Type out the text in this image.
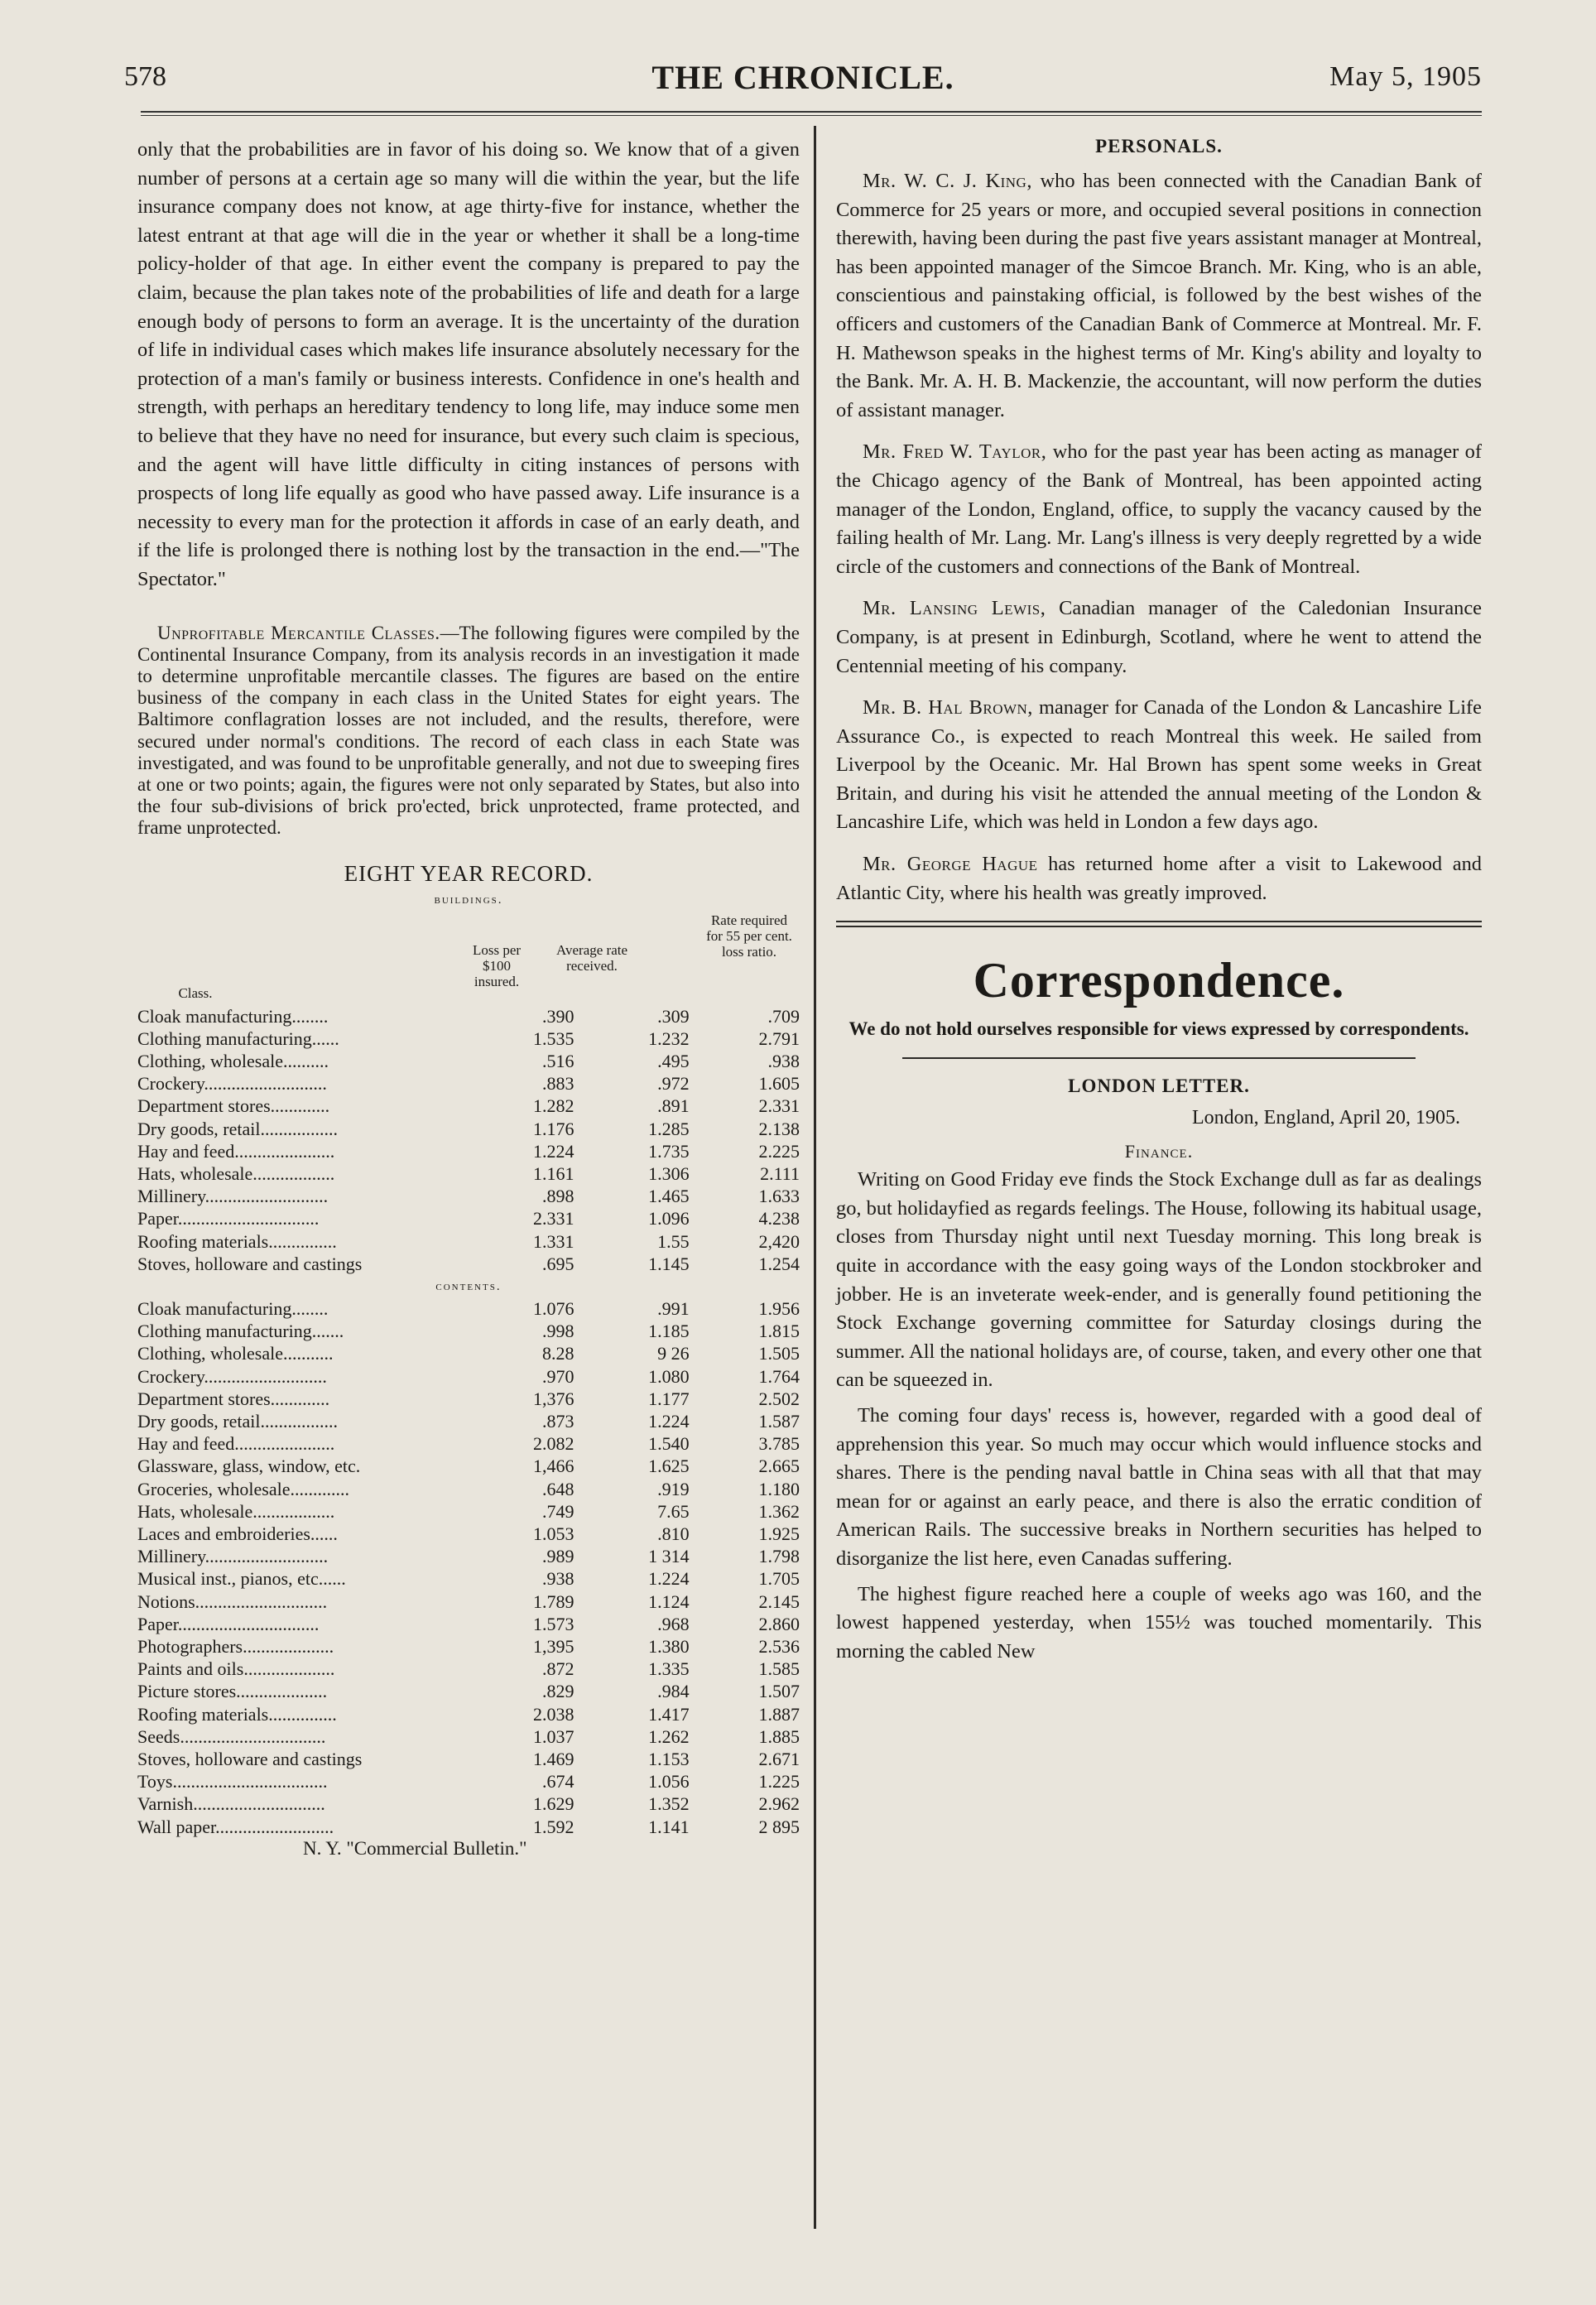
578	THE CHRONICLE.	May 5, 1905

only that the probabilities are in favor of his doing so. We know that of a given number of persons at a certain age so many will die within the year, but the life insurance company does not know, at age thirty-five for instance, whether the latest entrant at that age will die in the year or whether it shall be a long-time policy-holder of that age. In either event the company is prepared to pay the claim, because the plan takes note of the probabilities of life and death for a large enough body of persons to form an average. It is the uncertainty of the duration of life in individual cases which makes life insurance absolutely necessary for the protection of a man's family or business interests. Confidence in one's health and strength, with perhaps an hereditary tendency to long life, may induce some men to believe that they have no need for insurance, but every such claim is specious, and the agent will have little difficulty in citing instances of persons with prospects of long life equally as good who have passed away. Life insurance is a necessity to every man for the protection it affords in case of an early death, and if the life is prolonged there is nothing lost by the transaction in the end.—"The Spectator."

Unprofitable Mercantile Classes.—The following figures were compiled by the Continental Insurance Company, from its analysis records in an investigation it made to determine unprofitable mercantile classes. The figures are based on the entire business of the company in each class in the United States for eight years. The Baltimore conflagration losses are not included, and the results, therefore, were secured under normal's conditions. The record of each class in each State was investigated, and was found to be unprofitable generally, and not due to sweeping fires at one or two points; again, the figures were not only separated by States, but also into the four sub-divisions of brick pro'ected, brick unprotected, frame protected, and frame unprotected.

EIGHT YEAR RECORD.
buildings.
Class.
Loss per $100 insured.
Average rate received.
Rate required for 55 per cent. loss ratio.
Cloak manufacturing........	.390	.309	.709
Clothing manufacturing......	1.535	1.232	2.791
Clothing, wholesale..........	.516	.495	.938
Crockery...........................	.883	.972	1.605
Department stores.............	1.282	.891	2.331
Dry goods, retail.................	1.176	1.285	2.138
Hay and feed......................	1.224	1.735	2.225
Hats, wholesale..................	1.161	1.306	2.111
Millinery...........................	.898	1.465	1.633
Paper...............................	2.331	1.096	4.238
Roofing materials...............	1.331	1.55	2,420
Stoves, holloware and castings	.695	1.145	1.254
contents.
Cloak manufacturing........	1.076	.991	1.956
Clothing manufacturing.......	.998	1.185	1.815
Clothing, wholesale...........	8.28	9 26	1.505
Crockery...........................	.970	1.080	1.764
Department stores.............	1,376	1.177	2.502
Dry goods, retail.................	.873	1.224	1.587
Hay and feed......................	2.082	1.540	3.785
Glassware, glass, window, etc.	1,466	1.625	2.665
Groceries, wholesale.............	.648	.919	1.180
Hats, wholesale..................	.749	7.65	1.362
Laces and embroideries......	1.053	.810	1.925
Millinery...........................	.989	1 314	1.798
Musical inst., pianos, etc......	.938	1.224	1.705
Notions.............................	1.789	1.124	2.145
Paper...............................	1.573	.968	2.860
Photographers....................	1,395	1.380	2.536
Paints and oils....................	.872	1.335	1.585
Picture stores....................	.829	.984	1.507
Roofing materials...............	2.038	1.417	1.887
Seeds................................	1.037	1.262	1.885
Stoves, holloware and castings	1.469	1.153	2.671
Toys..................................	.674	1.056	1.225
Varnish.............................	1.629	1.352	2.962
Wall paper..........................	1.592	1.141	2 895
N. Y. "Commercial Bulletin."
PERSONALS.

Mr. W. C. J. King, who has been connected with the Canadian Bank of Commerce for 25 years or more, and occupied several positions in connection therewith, having been during the past five years assistant manager at Montreal, has been appointed manager of the Simcoe Branch. Mr. King, who is an able, conscientious and painstaking official, is followed by the best wishes of the officers and customers of the Canadian Bank of Commerce at Montreal. Mr. F. H. Mathewson speaks in the highest terms of Mr. King's ability and loyalty to the Bank. Mr. A. H. B. Mackenzie, the accountant, will now perform the duties of assistant manager.

Mr. Fred W. Taylor, who for the past year has been acting as manager of the Chicago agency of the Bank of Montreal, has been appointed acting manager of the London, England, office, to supply the vacancy caused by the failing health of Mr. Lang. Mr. Lang's illness is very deeply regretted by a wide circle of the customers and connections of the Bank of Montreal.

Mr. Lansing Lewis, Canadian manager of the Caledonian Insurance Company, is at present in Edinburgh, Scotland, where he went to attend the Centennial meeting of his company.

Mr. B. Hal Brown, manager for Canada of the London & Lancashire Life Assurance Co., is expected to reach Montreal this week. He sailed from Liverpool by the Oceanic. Mr. Hal Brown has spent some weeks in Great Britain, and during his visit he attended the annual meeting of the London & Lancashire Life, which was held in London a few days ago.

Mr. George Hague has returned home after a visit to Lakewood and Atlantic City, where his health was greatly improved.

Correspondence.

We do not hold ourselves responsible for views expressed by correspondents.

LONDON LETTER.
London, England, April 20, 1905.
Finance.

Writing on Good Friday eve finds the Stock Exchange dull as far as dealings go, but holidayfied as regards feelings. The House, following its habitual usage, closes from Thursday night until next Tuesday morning. This long break is quite in accordance with the easy going ways of the London stockbroker and jobber. He is an inveterate week-ender, and is generally found petitioning the Stock Exchange governing committee for Saturday closings during the summer. All the national holidays are, of course, taken, and every other one that can be squeezed in.

The coming four days' recess is, however, regarded with a good deal of apprehension this year. So much may occur which would influence stocks and shares. There is the pending naval battle in China seas with all that that may mean for or against an early peace, and there is also the erratic condition of American Rails. The successive breaks in Northern securities has helped to disorganize the list here, even Canadas suffering.

The highest figure reached here a couple of weeks ago was 160, and the lowest happened yesterday, when 155½ was touched momentarily. This morning the cabled New
